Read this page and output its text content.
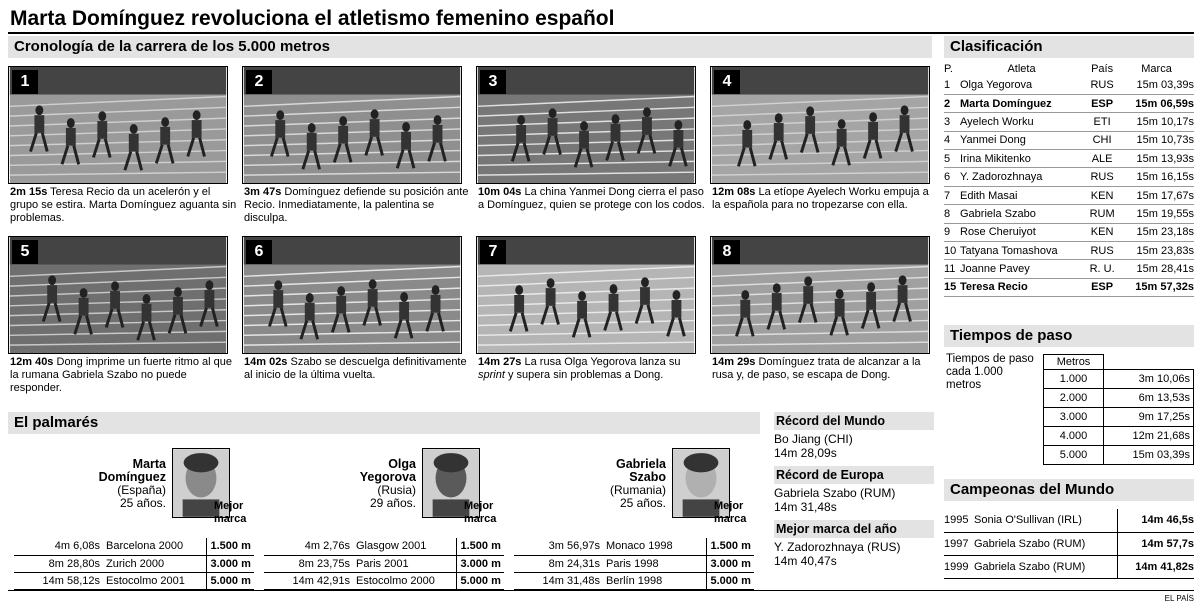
Marta Domínguez revoluciona el atletismo femenino español
Cronología de la carrera de los 5.000 metros
1
2m 15s Teresa Recio da un acelerón y el grupo se estira. Marta Domínguez aguanta sin problemas.
2
3m 47s Domínguez defiende su posición ante Recio. Inmediatamente, la palentina se disculpa.
3
10m 04s La china Yanmei Dong cierra el paso a Domínguez, quien se protege con los codos.
4
12m 08s La etíope Ayelech Worku empuja a la española para no tropezarse con ella.
5
12m 40s Dong imprime un fuerte ritmo al que la rumana Gabriela Szabo no puede responder.
6
14m 02s Szabo se descuelga definitivamente al inicio de la última vuelta.
7
14m 27s La rusa Olga Yegorova lanza su sprint y supera sin problemas a Dong.
8
14m 29s Domínguez trata de alcanzar a la rusa y, de paso, se escapa de Dong.
Clasificación
P.	Atleta	País	Marca
1	Olga Yegorova	RUS	15m 03,39s
2	Marta Domínguez	ESP	15m 06,59s
3	Ayelech Worku	ETI	15m 10,17s
4	Yanmei Dong	CHI	15m 10,73s
5	Irina Mikitenko	ALE	15m 13,93s
6	Y. Zadorozhnaya	RUS	15m 16,15s
7	Edith Masai	KEN	15m 17,67s
8	Gabriela Szabo	RUM	15m 19,55s
9	Rose Cheruiyot	KEN	15m 23,18s
10	Tatyana Tomashova	RUS	15m 23,83s
11	Joanne Pavey	R. U.	15m 28,41s
15	Teresa Recio	ESP	15m 57,32s
Tiempos de paso
Tiempos de paso cada 1.000 metros
Metros	
1.000	3m 10,06s
2.000	6m 13,53s
3.000	9m 17,25s
4.000	12m 21,68s
5.000	15m 03,39s
Campeonas del Mundo
1995	Sonia O'Sullivan (IRL)	14m 46,5s
1997	Gabriela Szabo (RUM)	14m 57,7s
1999	Gabriela Szabo (RUM)	14m 41,82s
El palmarés
Marta
Domínguez
(España)
25 años.	Mejor marca
4m 6,08s	Barcelona 2000	1.500 m
8m 28,80s	Zurich 2000	3.000 m
14m 58,12s	Estocolmo 2001	5.000 m
Olga
Yegorova
(Rusia)
29 años.	Mejor marca
4m 2,76s	Glasgow 2001	1.500 m
8m 23,75s	Paris 2001	3.000 m
14m 42,91s	Estocolmo 2000	5.000 m
Gabriela
Szabo
(Rumania)
25 años.	Mejor marca
3m 56,97s	Monaco 1998	1.500 m
8m 24,31s	Paris 1998	3.000 m
14m 31,48s	Berlín 1998	5.000 m
Récord del Mundo
Bo Jiang (CHI)
14m 28,09s
Récord de Europa
Gabriela Szabo (RUM)
14m 31,48s
Mejor marca del año
Y. Zadorozhnaya (RUS)
14m 40,47s
EL PAÍS
